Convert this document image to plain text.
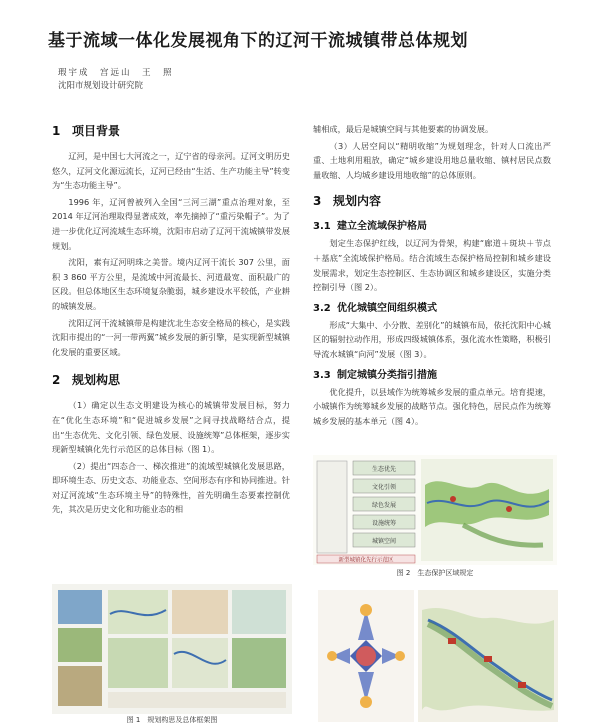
基于流域一体化发展视角下的辽河干流城镇带总体规划
瑕宇成　宫远山　王　照
沈阳市规划设计研究院
1 项目背景

辽河，是中国七大河流之一，辽宁省的母亲河。辽河文明历史悠久，辽河文化源远流长，辽河已经由“生活、生产功能主导”转变为“生态功能主导”。

1996 年，辽河曾被列入全国“三河三湖”重点治理对象，至 2014 年辽河治理取得显著成效，率先摘掉了“重污染帽子”。为了进一步优化辽河流域生态环境，沈阳市启动了辽河干流城镇带发展规划。

沈阳，素有辽河明珠之美誉。境内辽河干流长 307 公里，面积 3 860 平方公里，是流域中河流最长、河道最宽、面积最广的区段。但总体地区生态环境复杂脆弱，城乡建设水平较低，产业耕的城镇发展。

沈阳辽河干流城镇带是构建沈北生态安全格局的核心，是实践沈阳市提出的“一河一带两翼”城乡发展的新引擎，是实现新型城镇化发展的重要区域。

2 规划构思

（1）确定以生态文明建设为核心的城镇带发展目标，努力在“优化生态环境”和“促进城乡发展”之间寻找战略结合点，提出“生态优先、文化引领、绿色发展、设施统筹”总体框架，逐步实现新型城镇化先行示范区的总体目标（图 1）。

（2）提出“四态合一、梯次推进”的流域型城镇化发展思路，即环境生态、历史文态、功能业态、空间形态有序和协同推进。针对辽河流域“生态环境主导”的特殊性，首先明确生态要素控制优先，其次是历史文化和功能业态的相

辅相成，最后是城镇空间与其他要素的协调发展。

（3）人居空间以“精明收缩”为规划理念，针对人口流出严重、土地利用粗放，确定“城乡建设用地总量收缩、镇村居民点数量收缩、人均城乡建设用地收缩”的总体原则。

3 规划内容
3.1 建立全流域保护格局

划定生态保护红线，以辽河为骨架，构建“廊道＋斑块＋节点＋基底”全流域保护格局。结合流域生态保护格局控制和城乡建设发展需求，划定生态控制区、生态协调区和城乡建设区，实施分类控制引导（图 2）。

3.2 优化城镇空间组织模式

形成“大集中、小分散、差别化”的城镇布局，依托沈阳中心城区的辐射拉动作用，形成四级城镇体系，强化流水性策略，积极引导流水城镇“向河”发展（图 3）。

3.3 制定城镇分类指引措施

优化提升，以县域作为统筹城乡发展的重点单元。培育提速，小城镇作为统筹城乡发展的战略节点。强化特色，居民点作为统筹城乡发展的基本单元（图 4）。

生态优先
文化引领
绿色发展
设施统筹
城镇空间
新型城镇化先行示范区
图 2　生态保护区域规定
图 1　规划构思及总体框架图
